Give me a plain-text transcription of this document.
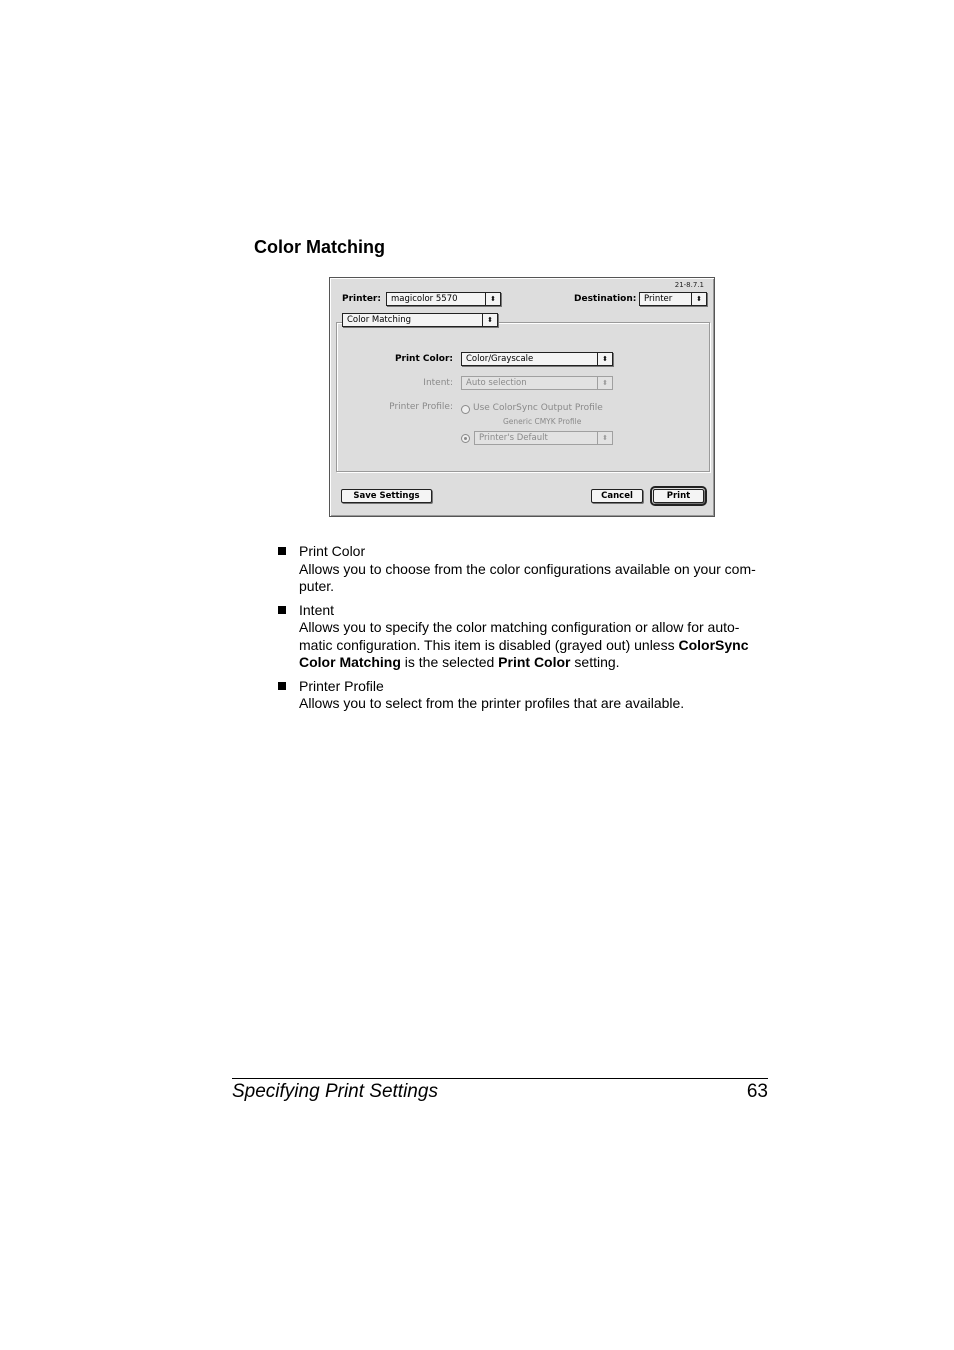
Color Matching
21-8.7.1
Printer: magicolor 5570	⬍	Destination: Printer	⬍
Color Matching	⬍
Print Color: Color/Grayscale	⬍
Intent: Auto selection	⬍
Printer Profile: Use ColorSync Output Profile
Generic CMYK Profile
Printer's Default	⬍
Save Settings	Cancel	Print
Print Color
Allows you to choose from the color configurations available on your com-puter.
Intent
Allows you to specify the color matching configuration or allow for auto-matic configuration. This item is disabled (grayed out) unless ColorSync Color Matching is the selected Print Color setting.
Printer Profile
Allows you to select from the printer profiles that are available.
Specifying Print Settings	63
